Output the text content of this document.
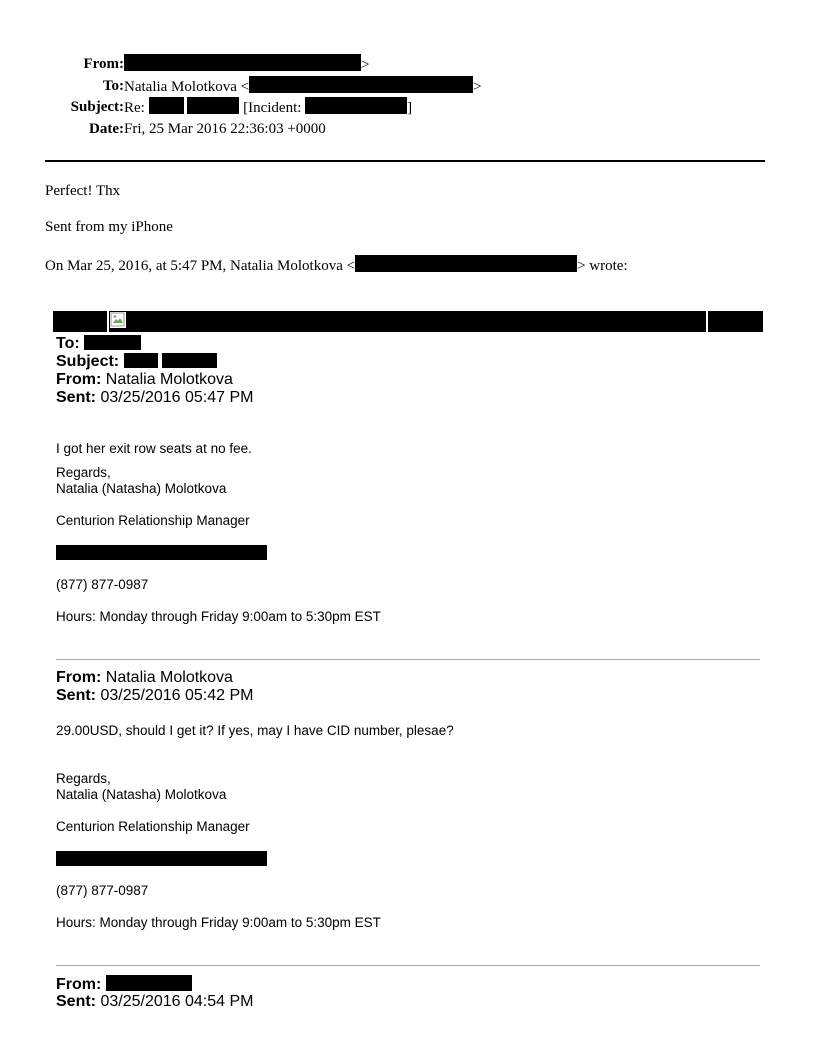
From:	>
To: Natalia Molotkova <	>
Subject: Re:	[Incident:	]
Date: Fri, 25 Mar 2016 22:36:03 +0000
Perfect! Thx
Sent from my iPhone
On Mar 25, 2016, at 5:47 PM, Natalia Molotkova <	> wrote:
To:
Subject:
From: Natalia Molotkova
Sent: 03/25/2016 05:47 PM
I got her exit row seats at no fee.
Regards,
Natalia (Natasha) Molotkova
Centurion Relationship Manager
(877) 877-0987
Hours: Monday through Friday 9:00am to 5:30pm EST
From: Natalia Molotkova
Sent: 03/25/2016 05:42 PM
29.00USD, should I get it? If yes, may I have CID number, plesae?
Regards,
Natalia (Natasha) Molotkova
Centurion Relationship Manager
(877) 877-0987
Hours: Monday through Friday 9:00am to 5:30pm EST
From:
Sent: 03/25/2016 04:54 PM
